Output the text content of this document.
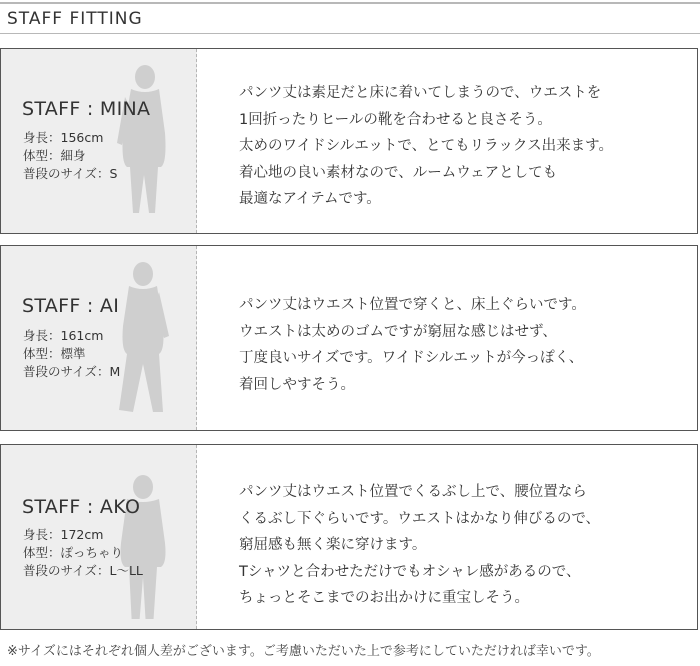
STAFF FITTING
STAFF : MINA
身長：156cm
体型：細身
普段のサイズ：S
パンツ丈は素足だと床に着いてしまうので、ウエストを
1回折ったりヒールの靴を合わせると良さそう。
太めのワイドシルエットで、とてもリラックス出来ます。
着心地の良い素材なので、ルームウェアとしても
最適なアイテムです。
STAFF : AI
身長：161cm
体型：標準
普段のサイズ：M
パンツ丈はウエスト位置で穿くと、床上ぐらいです。
ウエストは太めのゴムですが窮屈な感じはせず、
丁度良いサイズです。ワイドシルエットが今っぽく、
着回しやすそう。
STAFF : AKO
身長：172cm
体型：ぽっちゃり
普段のサイズ：L～LL
パンツ丈はウエスト位置でくるぶし上で、腰位置なら
くるぶし下ぐらいです。ウエストはかなり伸びるので、
窮屈感も無く楽に穿けます。
Tシャツと合わせただけでもオシャレ感があるので、
ちょっとそこまでのお出かけに重宝しそう。
※サイズにはそれぞれ個人差がございます。ご考慮いただいた上で参考にしていただければ幸いです。
